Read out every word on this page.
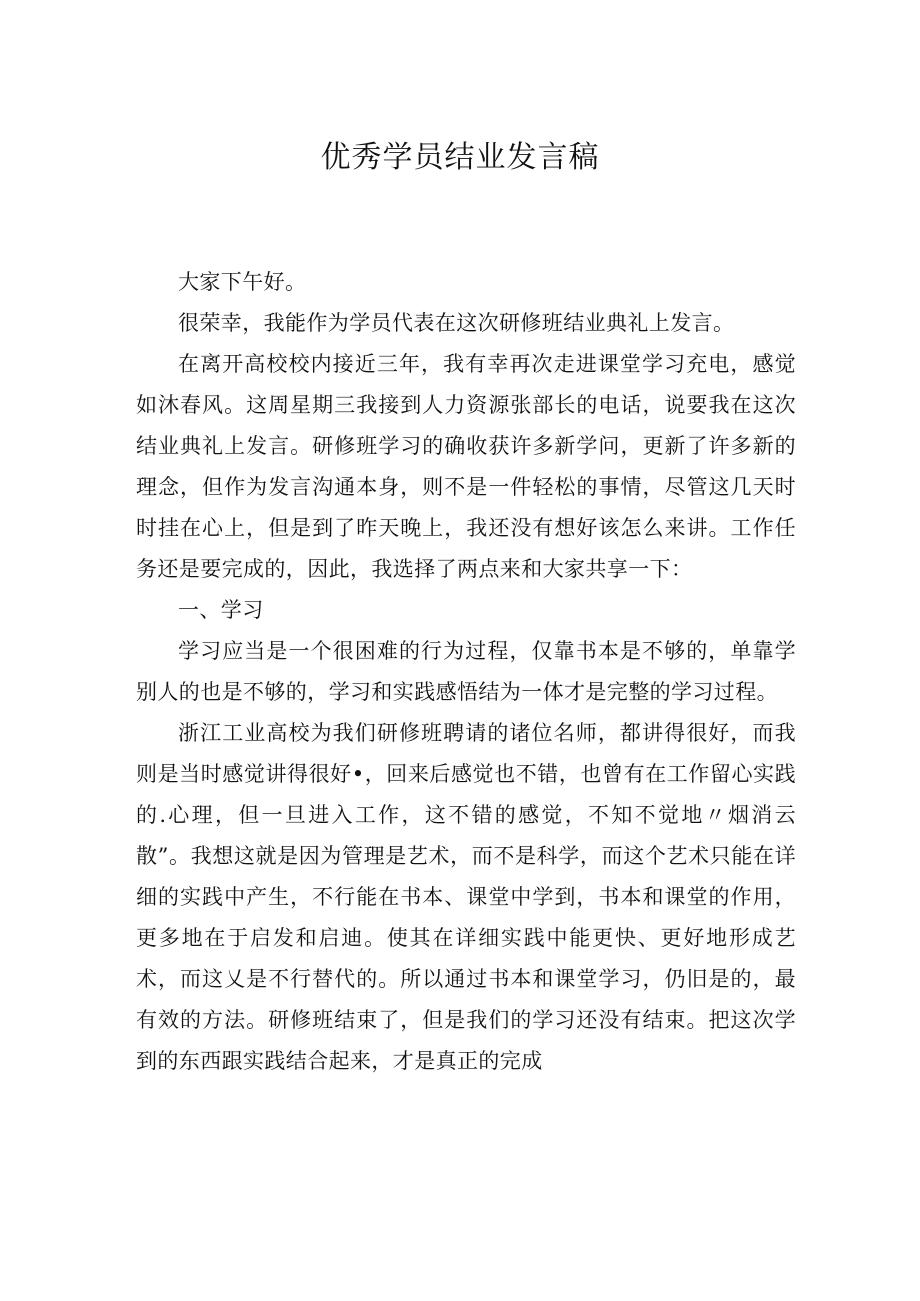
优秀学员结业发言稿

大家下午好。

很荣幸，我能作为学员代表在这次研修班结业典礼上发言。

在离开高校校内接近三年，我有幸再次走进课堂学习充电，感觉如沐春风。这周星期三我接到人力资源张部长的电话，说要我在这次结业典礼上发言。研修班学习的确收获许多新学问，更新了许多新的理念，但作为发言沟通本身，则不是一件轻松的事情，尽管这几天时时挂在心上，但是到了昨天晚上，我还没有想好该怎么来讲。工作任务还是要完成的，因此，我选择了两点来和大家共享一下：

一、学习

学习应当是一个很困难的行为过程，仅靠书本是不够的，单靠学别人的也是不够的，学习和实践感悟结为一体才是完整的学习过程。

浙江工业高校为我们研修班聘请的诸位名师，都讲得很好，而我则是当时感觉讲得很好•，回来后感觉也不错，也曾有在工作留心实践的.心理，但一旦进入工作，这不错的感觉，不知不觉地〃烟消云散”。我想这就是因为管理是艺术，而不是科学，而这个艺术只能在详细的实践中产生，不行能在书本、课堂中学到，书本和课堂的作用，更多地在于启发和启迪。使其在详细实践中能更快、更好地形成艺术，而这乂是不行替代的。所以通过书本和课堂学习，仍旧是的，最有效的方法。研修班结束了，但是我们的学习还没有结束。把这次学到的东西跟实践结合起来，才是真正的完成
